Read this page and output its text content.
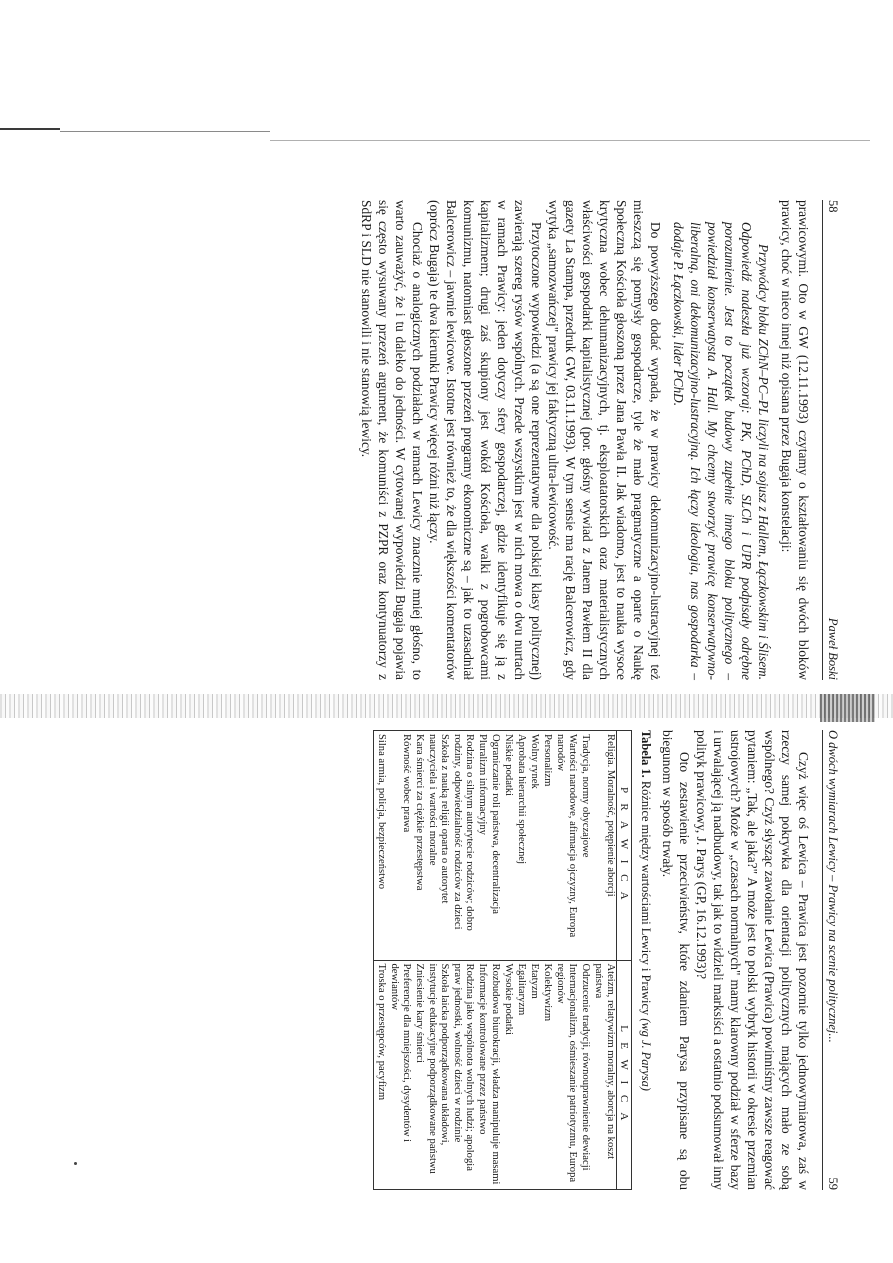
58
Paweł Boski

prawicowymi. Oto w GW (12.11.1993) czytamy o kształtowaniu się dwóch bloków prawicy, choć w nieco innej niż opisana przez Bugaja konstelacji:

Przywódcy bloku ZChN–PC–PL liczyli na sojusz z Hallem, Łączkowskim i Ślisem. Odpowiedź nadeszła już wczoraj: PK, PChD, SLCh i UPR podpisały odrębne porozumienie. Jest to początek budowy zupełnie innego bloku politycznego – powiedział konserwatysta A. Hall. My chcemy stworzyć prawicę konserwatywno-liberalną, oni dekomunizacyjno-lustracyjną. Ich łączy ideologia, nas gospodarka – dodaje P. Łączkowski, lider PChD.

Do powyższego dodać wypada, że w prawicy dekomunizacyjno-lustracyjnej też mieszczą się pomysły gospodarcze, tyle że mało pragmatyczne a oparte o Naukę Społeczną Kościoła głoszoną przez Jana Pawła II. Jak wiadomo, jest to nauka wysoce krytyczna wobec dehumanizacyjnych, tj. eksploatatorskich oraz materialistycznych właściwości gospodarki kapitalistycznej (por. głośny wywiad z Janem Pawłem II dla gazety La Stampa, przedruk GW, 03.11.1993). W tym sensie ma rację Balcerowicz, gdy wytyka „samozwańczej" prawicy jej faktyczną ultra-lewicowość.

Przytoczone wypowiedzi (a są one reprezentatywne dla polskiej klasy politycznej) zawierają szereg rysów wspólnych. Przede wszystkim jest w nich mowa o dwu nurtach w ramach Prawicy: jeden dotyczy sfery gospodarczej, gdzie identyfikuje się ją z kapitalizmem; drugi zaś skupiony jest wokół Kościoła, walki z pogrobowcami komunizmu, natomiast głoszone przezeń programy ekonomiczne są – jak to uzasadniał Balcerowicz – jawnie lewicowe. Istotne jest również to, że dla większości komentatorów (oprócz Bugaja) te dwa kierunki Prawicy więcej różni niż łączy.

Chociaż o analogicznych podziałach w ramach Lewicy znacznie mniej głośno, to warto zauważyć, że i tu daleko do jedności. W cytowanej wypowiedzi Bugaja pojawia się często wysuwany przezeń argument, że komuniści z PZPR oraz kontynuatorzy z SdRP i SLD nie stanowili i nie stanowią lewicy.

O dwóch wymiarach Lewicy – Prawicy na scenie politycznej...
59

Czyż więc oś Lewica – Prawica jest pozornie tylko jednowymiarowa, zaś w rzeczy samej pokrywka dla orientacji politycznych mających mało ze sobą wspólnego? Czyż słysząc zawołanie Lewica (Prawica) powinniśmy zawsze reagować pytaniem: „Tak, ale jaka?" A może jest to polski wybryk historii w okresie przemian ustrojowych? Może w „czasach normalnych" mamy klarowny podział w sferze bazy i urwalającej ją nadbudowy, tak jak to widzieli marksiści a ostatnio podsumował inny polityk prawicowy, J. Parys (GP, 16.12.1993)?

Oto zestawienie przeciwieństw, które zdaniem Parysa przypisane są obu biegunom w sposób trwały.

Tabela 1. Różnice między wartościami Lewicy i Prawicy (wg J. Parysa)
P R A W I C A	L E W I C A
Religia. Moralność, potępienie aborcji	Ateizm, relatywizm moralny, aborcja na koszt państwa
Tradycja, normy obyczajowe	Odrzucenie tradycji, równouprawnienie dewiacji
Wartości narodowe, afirmacja ojczyzny, Europa narodów	Internacjonalizm, ośmieszanie patriotyzmu, Europa regionów
Personalizm	Kolektywizm
Wolny rynek	Etatyzm
Aprobata hierarchii społecznej	Egalitaryzm
Niskie podatki	Wysokie podatki
Ograniczanie roli państwa, decentralizacja	Rozbudowa biurokracji, władza manipuluje masami
Pluralizm informacyjny	Informacje kontrolowane przez państwo
Rodzina o silnym autorytecie rodziców; dobro rodziny, odpowiedzialność rodziców za dzieci	Rodzina jako wspólnota wolnych ludzi; apologia praw jednostki, wolność dzieci w rodzinie
Szkoła z nauką religii oparta o autorytet nauczyciela i wartości moralne	Szkoła laicka podporządkowana układowi, instytucje edukacyjne podporządkowane państwu
Kara śmierci za ciężkie przestępstwa	Zniesienie kary śmierci
Równość wobec prawa	Preferencje dla mniejszości, dysydentów i dewiantów
Silna armia, policja, bezpieczeństwo	Troska o przestępców, pacyfizm
